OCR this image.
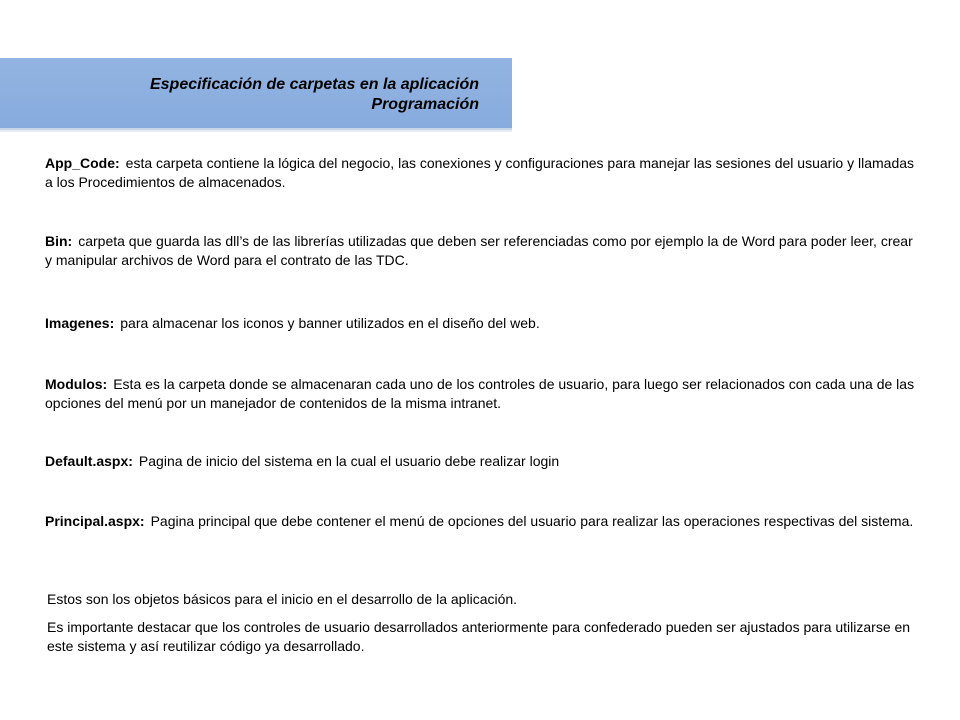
Especificación de carpetas en la aplicación
Programación

App_Code: esta carpeta contiene la lógica del negocio, las conexiones y configuraciones para manejar las sesiones del usuario y llamadas a los Procedimientos de almacenados.

Bin: carpeta que guarda las dll’s de las librerías utilizadas que deben ser referenciadas como por ejemplo la de Word para poder leer, crear y manipular archivos de Word para el contrato de las TDC.

Imagenes: para almacenar los iconos y banner utilizados en el diseño del web.

Modulos: Esta es la carpeta donde se almacenaran cada uno de los controles de usuario, para luego ser relacionados con cada una de las opciones del menú por un manejador de contenidos de la misma intranet.

Default.aspx: Pagina de inicio del sistema en la cual el usuario debe realizar login

Principal.aspx: Pagina principal que debe contener el menú de opciones del usuario para realizar las operaciones respectivas del sistema.

Estos son los objetos básicos para el inicio en el desarrollo de la aplicación.

Es importante destacar que los controles de usuario desarrollados anteriormente para confederado pueden ser ajustados para utilizarse en este sistema y así reutilizar código ya desarrollado.
